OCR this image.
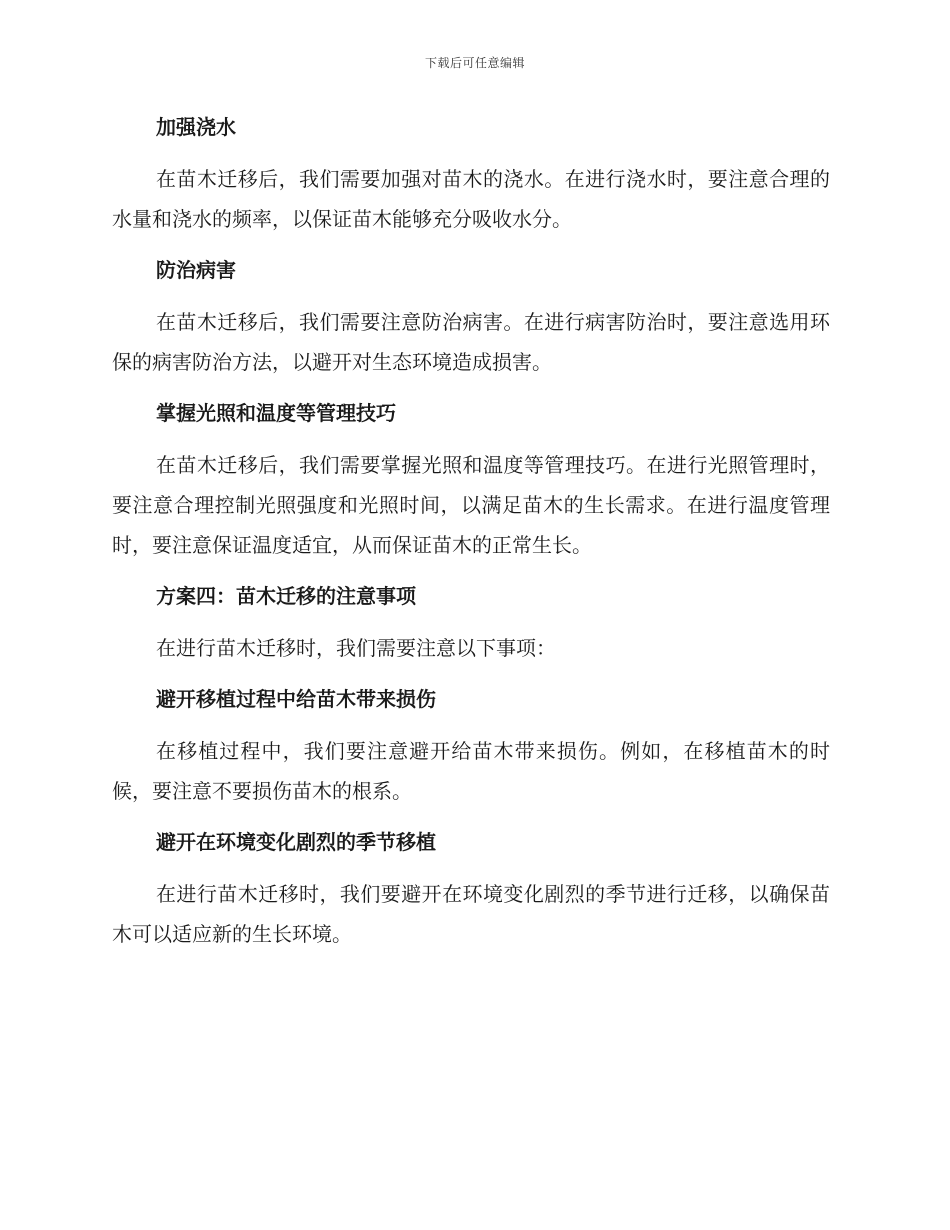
下载后可任意编辑
加强浇水

在苗木迁移后，我们需要加强对苗木的浇水。在进行浇水时，要注意合理的水量和浇水的频率，以保证苗木能够充分吸收水分。

防治病害

在苗木迁移后，我们需要注意防治病害。在进行病害防治时，要注意选用环保的病害防治方法，以避开对生态环境造成损害。

掌握光照和温度等管理技巧

在苗木迁移后，我们需要掌握光照和温度等管理技巧。在进行光照管理时，要注意合理控制光照强度和光照时间，以满足苗木的生长需求。在进行温度管理时，要注意保证温度适宜，从而保证苗木的正常生长。

方案四：苗木迁移的注意事项

在进行苗木迁移时，我们需要注意以下事项：

避开移植过程中给苗木带来损伤

在移植过程中，我们要注意避开给苗木带来损伤。例如，在移植苗木的时候，要注意不要损伤苗木的根系。

避开在环境变化剧烈的季节移植

在进行苗木迁移时，我们要避开在环境变化剧烈的季节进行迁移，以确保苗木可以适应新的生长环境。
